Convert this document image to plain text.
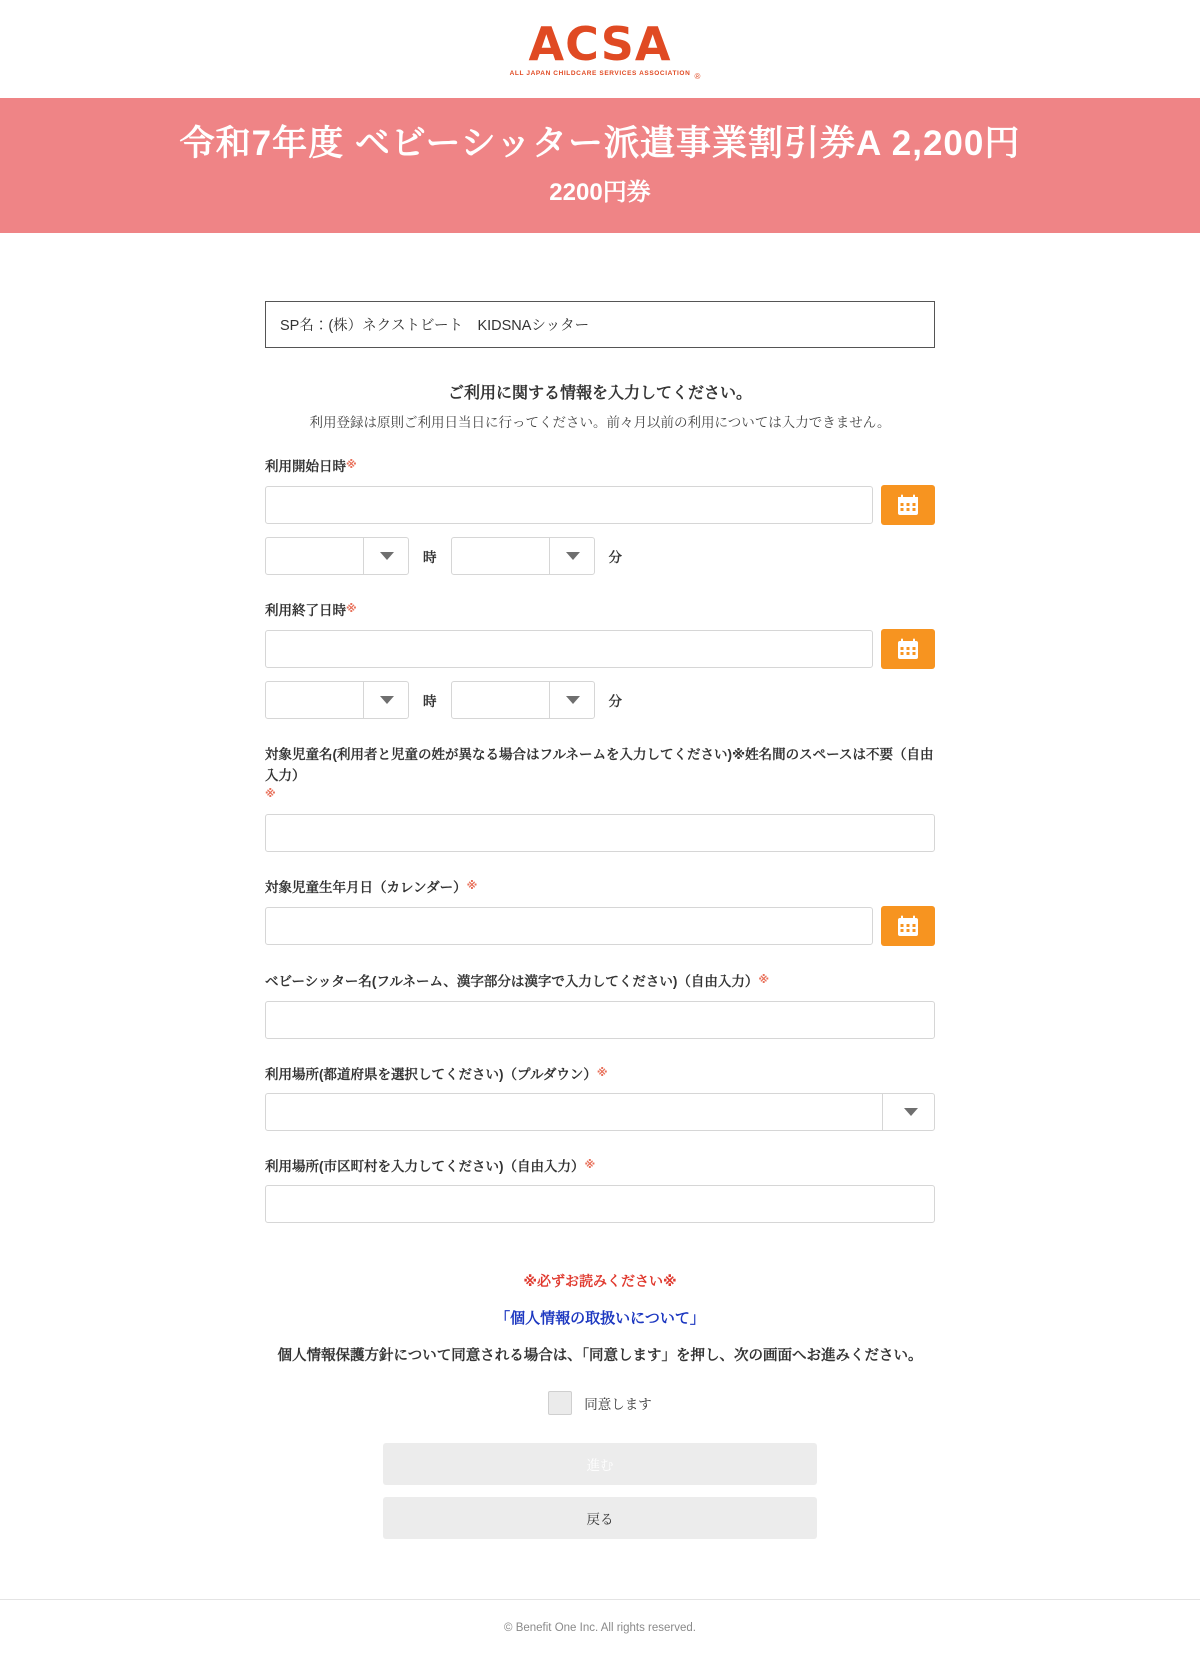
ACSA
ALL JAPAN CHILDCARE SERVICES ASSOCIATION ®
令和7年度 ベビーシッター派遣事業割引券A 2,200円
2200円券
SP名：(株）ネクストビート　KIDSNAシッター
ご利用に関する情報を入力してください。
利用登録は原則ご利用日当日に行ってください。前々月以前の利用については入力できません。
利用開始日時※
時	分
利用終了日時※
時	分
対象児童名(利用者と児童の姓が異なる場合はフルネームを入力してください)※姓名間のスペースは不要（自由入力）
※
対象児童生年月日（カレンダー）※
ベビーシッター名(フルネーム、漢字部分は漢字で入力してください)（自由入力）※
利用場所(都道府県を選択してください)（プルダウン）※
利用場所(市区町村を入力してください)（自由入力）※
※必ずお読みください※
「個人情報の取扱いについて」
個人情報保護方針について同意される場合は、「同意します」を押し、次の画面へお進みください。
同意します
進む
戻る
© Benefit One Inc. All rights reserved.
